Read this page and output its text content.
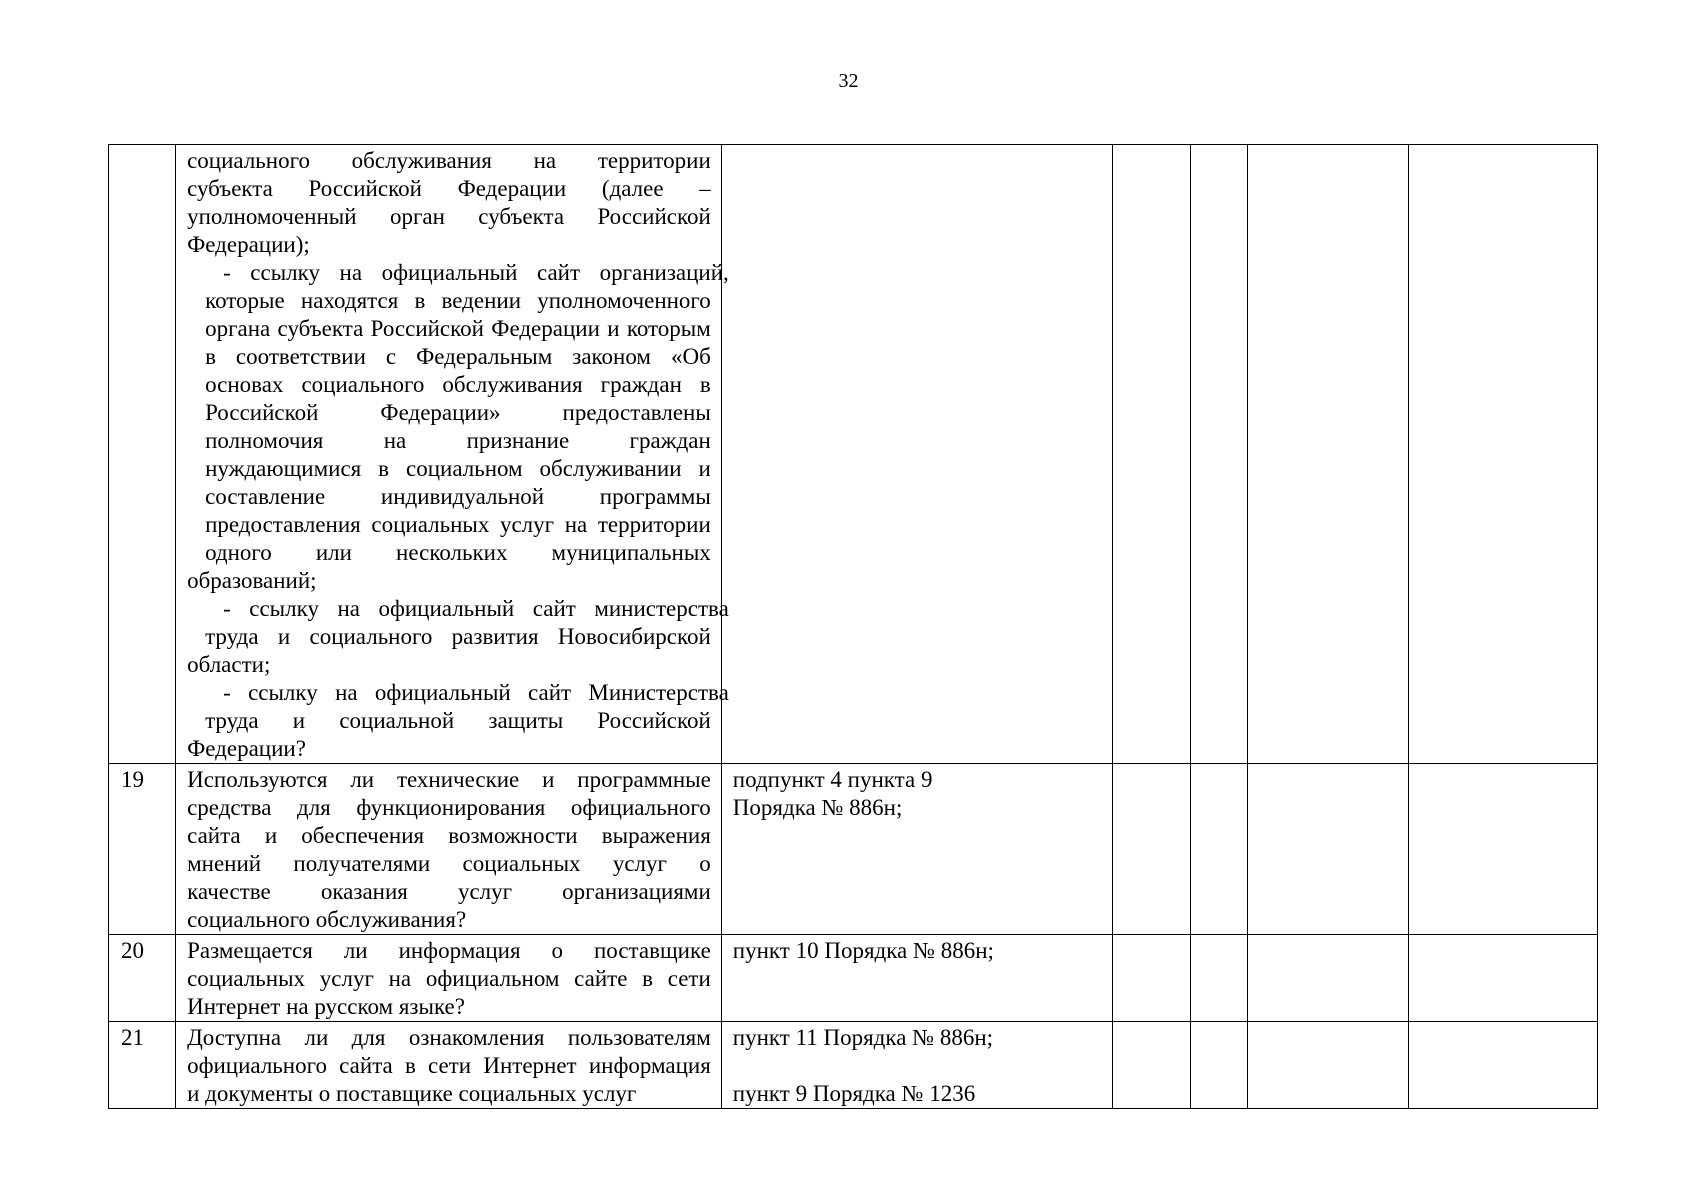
32

	социального обслуживания на территориисубъекта Российской Федерации (далее –уполномоченный орган субъекта РоссийскойФедерации);

- ссылку на официальный сайт организаций,которые находятся в ведении уполномоченногооргана субъекта Российской Федерации и которымв соответствии с Федеральным законом «Обосновах социального обслуживания граждан вРоссийской Федерации» предоставленыполномочия на признание гражданнуждающимися в социальном обслуживании исоставление индивидуальной программыпредоставления социальных услуг на территорииодного или нескольких муниципальныхобразований;

- ссылку на официальный сайт министерстватруда и социального развития Новосибирскойобласти;

- ссылку на официальный сайт Министерстватруда и социальной защиты РоссийскойФедерации?					

19	Используются ли технические и программныесредства для функционирования официальногосайта и обеспечения возможности выражениямнений получателями социальных услуг окачестве оказания услуг организациямисоциального обслуживания?	подпункт 4 пункта 9
Порядка № 886н;				

20	Размещается ли информация о поставщикесоциальных услуг на официальном сайте в сетиИнтернет на русском языке?	пункт 10 Порядка № 886н;				

21	Доступна ли для ознакомления пользователямофициального сайта в сети Интернет информацияи документы о поставщике социальных услуг	пункт 11 Порядка № 886н;
пункт 9 Порядка № 1236				
